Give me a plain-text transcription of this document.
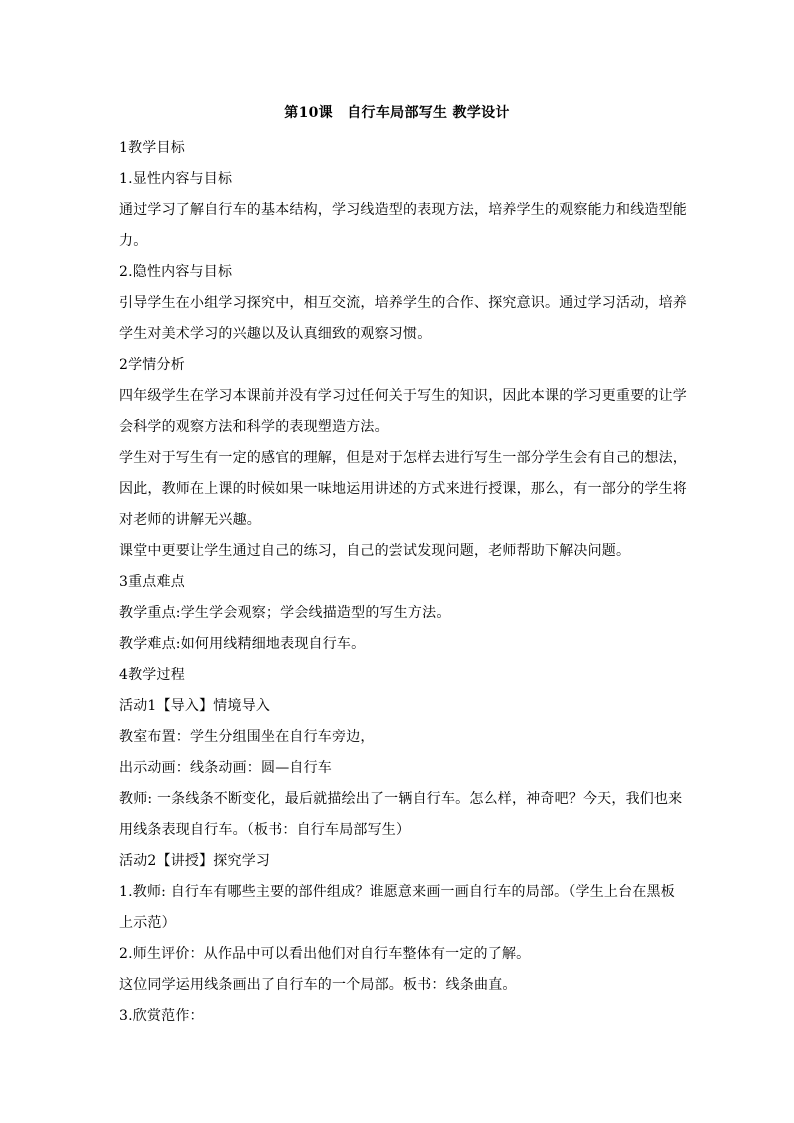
第10课　自行车局部写生 教学设计
1教学目标
1.显性内容与目标
通过学习了解自行车的基本结构，学习线造型的表现方法，培养学生的观察能力和线造型能
力。
2.隐性内容与目标
引导学生在小组学习探究中，相互交流，培养学生的合作、探究意识。通过学习活动，培养
学生对美术学习的兴趣以及认真细致的观察习惯。
2学情分析
四年级学生在学习本课前并没有学习过任何关于写生的知识，因此本课的学习更重要的让学
会科学的观察方法和科学的表现塑造方法。
学生对于写生有一定的感官的理解，但是对于怎样去进行写生一部分学生会有自己的想法，
因此，教师在上课的时候如果一味地运用讲述的方式来进行授课，那么，有一部分的学生将
对老师的讲解无兴趣。
课堂中更要让学生通过自己的练习，自己的尝试发现问题，老师帮助下解决问题。
3重点难点
教学重点:学生学会观察；学会线描造型的写生方法。
教学难点:如何用线精细地表现自行车。
4教学过程
活动1【导入】情境导入
教室布置：学生分组围坐在自行车旁边，
出示动画：线条动画：圆—自行车
教师: 一条线条不断变化，最后就描绘出了一辆自行车。怎么样，神奇吧？今天，我们也来
用线条表现自行车。（板书：自行车局部写生）
活动2【讲授】探究学习
1.教师: 自行车有哪些主要的部件组成？谁愿意来画一画自行车的局部。（学生上台在黑板
上示范）
2.师生评价：从作品中可以看出他们对自行车整体有一定的了解。
这位同学运用线条画出了自行车的一个局部。板书：线条曲直。
3.欣赏范作：
